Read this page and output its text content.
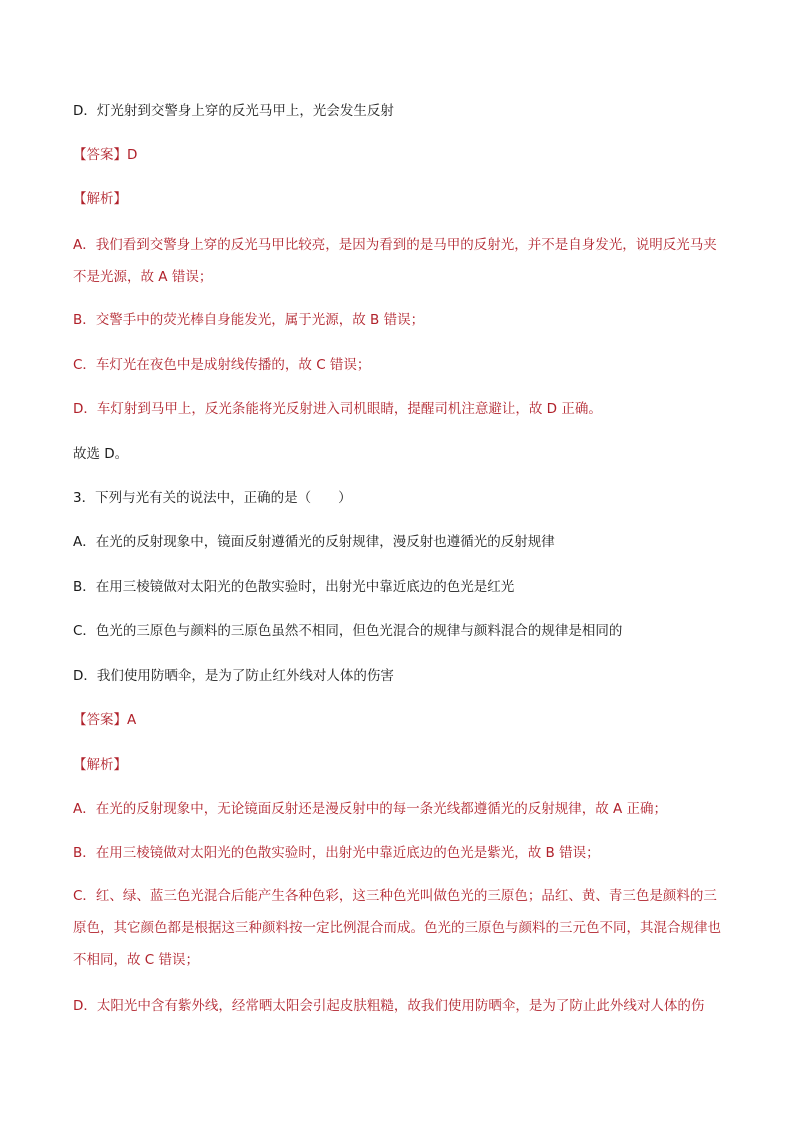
D．灯光射到交警身上穿的反光马甲上，光会发生反射
【答案】D
【解析】
A．我们看到交警身上穿的反光马甲比较亮，是因为看到的是马甲的反射光，并不是自身发光，说明反光马夹不是光源，故 A 错误；
B．交警手中的荧光棒自身能发光，属于光源，故 B 错误；
C．车灯光在夜色中是成射线传播的，故 C 错误；
D．车灯射到马甲上，反光条能将光反射进入司机眼睛，提醒司机注意避让，故 D 正确。
故选 D。
3．下列与光有关的说法中，正确的是（　　）
A．在光的反射现象中，镜面反射遵循光的反射规律，漫反射也遵循光的反射规律
B．在用三棱镜做对太阳光的色散实验时，出射光中靠近底边的色光是红光
C．色光的三原色与颜料的三原色虽然不相同，但色光混合的规律与颜料混合的规律是相同的
D．我们使用防晒伞，是为了防止红外线对人体的伤害
【答案】A
【解析】
A．在光的反射现象中，无论镜面反射还是漫反射中的每一条光线都遵循光的反射规律，故 A 正确；
B．在用三棱镜做对太阳光的色散实验时，出射光中靠近底边的色光是紫光，故 B 错误；
C．红、绿、蓝三色光混合后能产生各种色彩，这三种色光叫做色光的三原色；品红、黄、青三色是颜料的三原色，其它颜色都是根据这三种颜料按一定比例混合而成。色光的三原色与颜料的三元色不同，其混合规律也不相同，故 C 错误；
D．太阳光中含有紫外线，经常晒太阳会引起皮肤粗糙，故我们使用防晒伞，是为了防止此外线对人体的伤
